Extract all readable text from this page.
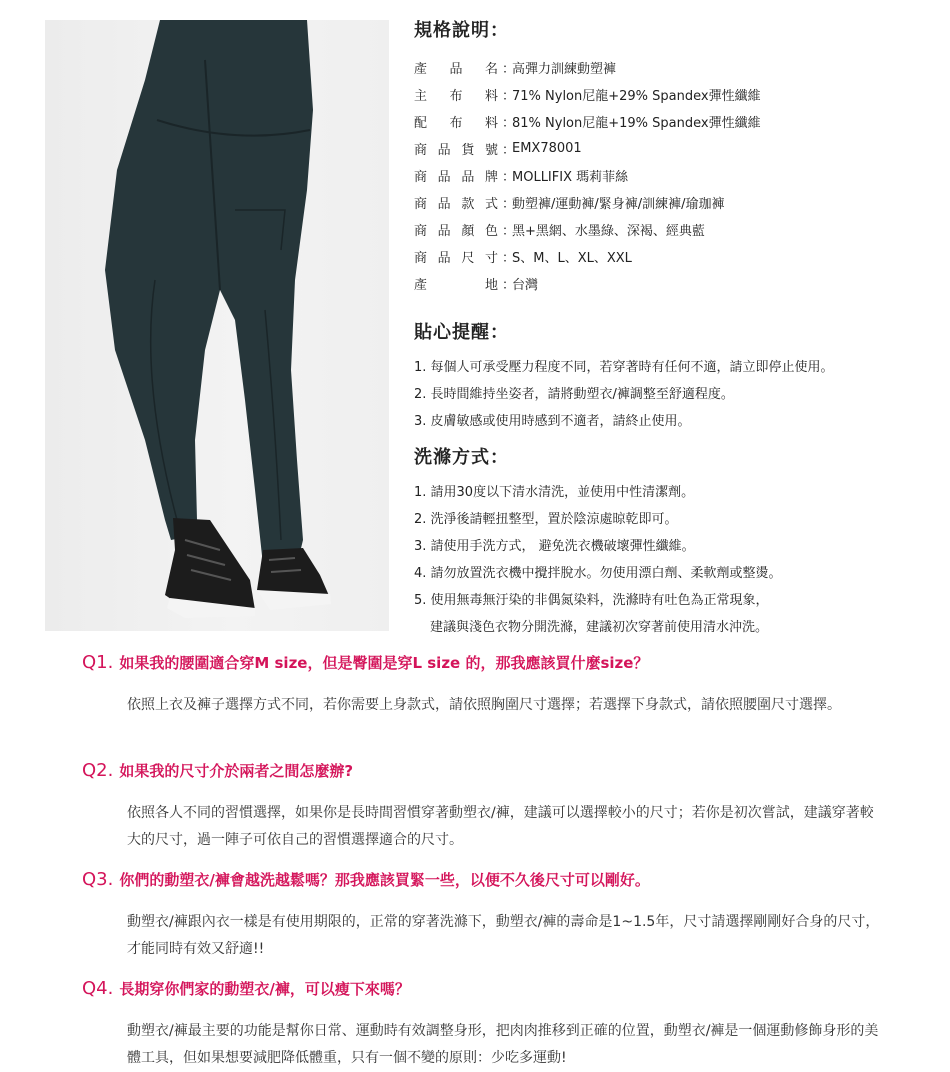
規格說明：
產 品 名 ：
高彈力訓練動塑褲
主 布 料 ：
71% Nylon尼龍+29% Spandex彈性纖維
配 布 料 ：
81% Nylon尼龍+19% Spandex彈性纖維
商 品 貨 號 ：
EMX78001
商 品 品 牌 ：
MOLLIFIX 瑪莉菲絲
商 品 款 式 ：
動塑褲/運動褲/緊身褲/訓練褲/瑜珈褲
商 品 顏 色 ：
黑+黑網、水墨綠、深褐、經典藍
商 品 尺 寸 ：
S、M、L、XL、XXL
產	地 ：
台灣
貼心提醒：
1. 每個人可承受壓力程度不同，若穿著時有任何不適，請立即停止使用。
2. 長時間維持坐姿者，請將動塑衣/褲調整至舒適程度。
3. 皮膚敏感或使用時感到不適者，請終止使用。
洗滌方式：
1. 請用30度以下清水清洗，並使用中性清潔劑。
2. 洗淨後請輕扭整型，置於陰涼處晾乾即可。
3. 請使用手洗方式， 避免洗衣機破壞彈性纖維。
4. 請勿放置洗衣機中攪拌脫水。勿使用漂白劑、柔軟劑或整燙。
5. 使用無毒無汙染的非偶氮染料，洗滌時有吐色為正常現象，
建議與淺色衣物分開洗滌，建議初次穿著前使用清水沖洗。
Q1. 如果我的腰圍適合穿M size，但是臀圍是穿L size 的，那我應該買什麼size？
依照上衣及褲子選擇方式不同，若你需要上身款式，請依照胸圍尺寸選擇；若選擇下身款式，請依照腰圍尺寸選擇。
Q2. 如果我的尺寸介於兩者之間怎麼辦?
依照各人不同的習慣選擇，如果你是長時間習慣穿著動塑衣/褲，建議可以選擇較小的尺寸；若你是初次嘗試，建議穿著較大的尺寸，過一陣子可依自己的習慣選擇適合的尺寸。
Q3. 你們的動塑衣/褲會越洗越鬆嗎？那我應該買緊一些，以便不久後尺寸可以剛好。
動塑衣/褲跟內衣一樣是有使用期限的，正常的穿著洗滌下，動塑衣/褲的壽命是1~1.5年，尺寸請選擇剛剛好合身的尺寸，才能同時有效又舒適!!
Q4. 長期穿你們家的動塑衣/褲，可以瘦下來嗎？
動塑衣/褲最主要的功能是幫你日常、運動時有效調整身形，把肉肉推移到正確的位置，動塑衣/褲是一個運動修飾身形的美體工具，但如果想要減肥降低體重，只有一個不變的原則：少吃多運動!
